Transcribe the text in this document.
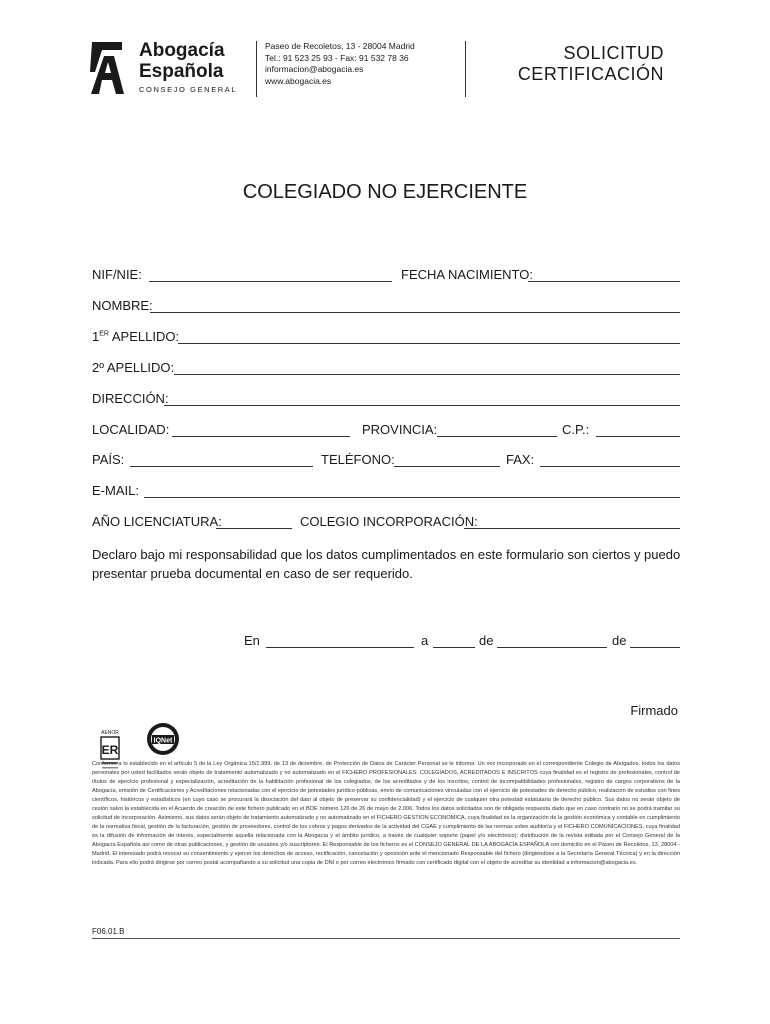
Abogacía
Española
CONSEJO GENERAL
Paseo de Recoletos, 13 - 28004 Madrid
Tel.: 91 523 25 93 - Fax: 91 532 78 36
informacion@abogacia.es
www.abogacia.es
SOLICITUD
CERTIFICACIÓN
COLEGIADO NO EJERCIENTE
NIF/NIE:	FECHA NACIMIENTO:
NOMBRE:
1ER APELLIDO:
2º APELLIDO:
DIRECCIÓN:
LOCALIDAD:	PROVINCIA:	C.P.:
PAÍS:	TELÉFONO:	FAX:
E-MAIL:
AÑO LICENCIATURA:	COLEGIO INCORPORACIÓN:
Declaro bajo mi responsabilidad que los datos cumplimentados en este formulario son ciertos y puedo presentar prueba documental en caso de ser requerido.
En	a	de	de
Firmado
AENOR
ER
IQNet
Conforme a lo establecido en el artículo 5 de la Ley Orgánica 15/1.999, de 13 de diciembre, de Protección de Datos de Carácter Personal se le informa: Un vez incorporado en el correspondiente Colegio de Abogados, todos los datos personales por usted facilitados serán objeto de tratamiento automatizado y no automatizado en el FICHERO PROFESIONALES: COLEGIADOS, ACREDITADOS E INSCRITOS cuya finalidad es el registro de profesionales, control de títulos de ejercicio profesional y especialización, acreditación de la habilitación profesional de los colegiados, de los acreditados y de los inscritos, control de incompatibilidades profesionales, registro de cargos corporativos de la Abogacía, emisión de Certificaciones y Acreditaciones relacionadas con el ejercicio de potestades jurídico-públicas, envío de comunicaciones vinculadas con el ejercicio de potestades de derecho público, realización de estudios con fines científicos, históricos y estadísticos (en cuyo caso se procurará la disociación del dato al objeto de preservar su confidencialidad) y el ejercicio de cualquier otra potestad estatutaria de derecho público. Sus datos no serán objeto de cesión salvo la establecida en el Acuerdo de creación de este fichero publicado en el BOE número 126 de 26 de mayo de 2.006. Todos los datos solicitados son de obligada respuesta dado que en caso contrario no se podrá tramitar su solicitud de incorporación. Asimismo, sus datos serán objeto de tratamiento automatizado y no automatizado en el FICHERO GESTION ECONOMICA, cuya finalidad es la organización de la gestión económica y contable en cumplimiento de la normativa fiscal, gestión de la facturación, gestión de proveedores, control de los cobros y pagos derivados de la actividad del CGAE y cumplimiento de las normas sobre auditoría y el FICHERO COMUNICACIONES, cuya finalidad es la difusión de información de interés, especialmente aquella relacionada con la Abogacía y el ámbito jurídico, a través de cualquier soporte (papel y/o electrónico); distribución de la revista editada por el Consejo General de la Abogacía Española así como de otras publicaciones, y gestión de usuarios y/o suscriptores. El Responsable de los ficheros es el CONSEJO GENERAL DE LA ABOGACÍA ESPAÑOLA con domicilio en el Paseo de Recoletos, 13, 28004 - Madrid. El interesado podrá revocar su consentimiento y ejercer los derechos de acceso, rectificación, cancelación y oposición ante el mencionado Responsable del fichero (dirigiéndose a la Secretaría General Técnica) y en la dirección indicada. Para ello podrá dirigirse por correo postal acompañando a su solicitud una copia de DNI o por correo electrónico firmado con certificado digital con el objeto de acreditar su identidad a informacion@abogacia.es.
F06.01.B
